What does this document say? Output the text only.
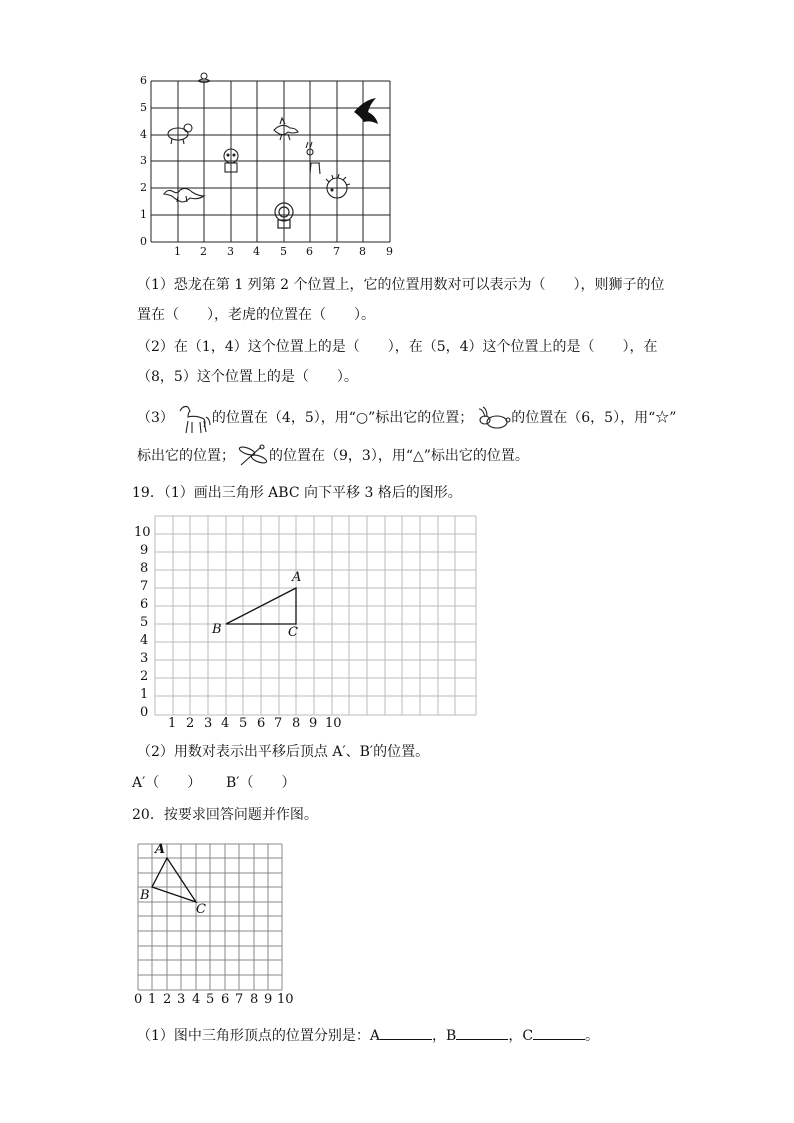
0
1
2
3
4
5
6
1 2 3 4 5 6 7 8 9
（1）恐龙在第 1 列第 2 个位置上，它的位置用数对可以表示为（　　），则狮子的位
置在（　　），老虎的位置在（　　）。
（2）在（1，4）这个位置上的是（　　），在（5，4）这个位置上的是（　　），在
（8，5）这个位置上的是（　　）。
（3）	的位置在（4，5），用“○”标出它的位置；	的位置在（6，5），用“☆”
标出它的位置； 的位置在（9，3），用“△”标出它的位置。
19．（1）画出三角形 ABC 向下平移 3 格后的图形。
A
B	C
0
1
2
3
4
5
6
7
8
9
10
1 2 3 4 5 6 7 8 9 10
（2）用数对表示出平移后顶点 A′、B′的位置。
A′（　　） B′（　　）
20．按要求回答问题并作图。
A
B
C
0 1 2 3 4 5 6 7 8 9 10
（1）图中三角形顶点的位置分别是：A	，B	，C	。
